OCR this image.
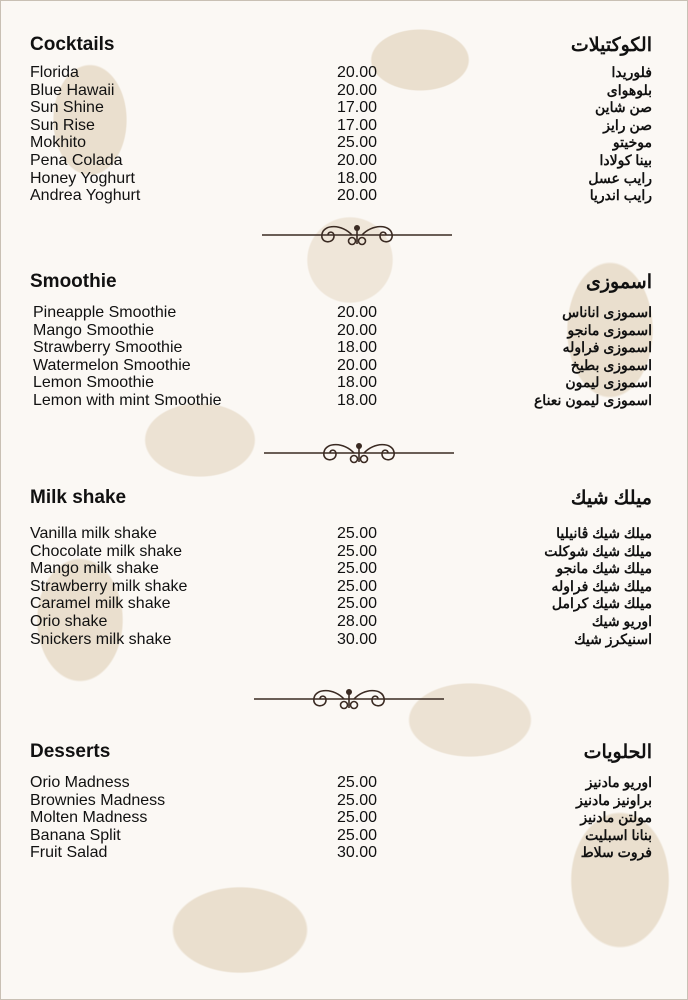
Cocktails	الكوكتيلات
Florida	20.00	فلوريدا
Blue Hawaii	20.00	بلوهواى
Sun Shine	17.00	صن شاين
Sun Rise	17.00	صن رايز
Mokhito	25.00	موخيتو
Pena Colada	20.00	بينا كولادا
Honey Yoghurt	18.00	رايب عسل
Andrea Yoghurt	20.00	رايب اندريا
Smoothie	اسموزى
Pineapple Smoothie	20.00	اسموزى اناناس
Mango Smoothie	20.00	اسموزى مانجو
Strawberry Smoothie	18.00	اسموزى فراوله
Watermelon Smoothie	20.00	اسموزى بطيخ
Lemon Smoothie	18.00	اسموزى ليمون
Lemon with mint Smoothie	18.00	اسموزى ليمون نعناع
Milk shake	ميلك شيك
Vanilla milk shake	25.00	ميلك شيك ڤانيليا
Chocolate milk shake	25.00	ميلك شيك شوكلت
Mango milk shake	25.00	ميلك شيك مانجو
Strawberry milk shake	25.00	ميلك شيك فراوله
Caramel milk shake	25.00	ميلك شيك كرامل
Orio shake	28.00	اوريو شيك
Snickers milk shake	30.00	اسنيكرز شيك
Desserts	الحلويات
Orio Madness	25.00	اوريو مادنيز
Brownies Madness	25.00	براونيز مادنيز
Molten Madness	25.00	مولتن مادنيز
Banana Split	25.00	بنانا اسبليت
Fruit Salad	30.00	فروت سلاط
